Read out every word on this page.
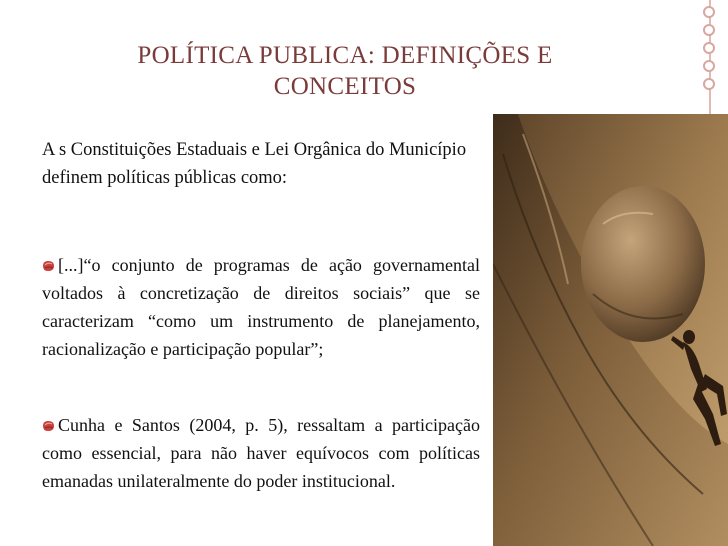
POLÍTICA PUBLICA: DEFINIÇÕES E
CONCEITOS
A s Constituições Estaduais e Lei Orgânica do Município definem políticas públicas como:
[...]“o conjunto de programas de ação governamental voltados à concretização de direitos sociais” que se caracterizam “como um instrumento de planejamento, racionalização e participação popular”;
Cunha e Santos (2004, p. 5), ressaltam a participação como essencial, para não haver equívocos com políticas emanadas unilateralmente do poder institucional.
